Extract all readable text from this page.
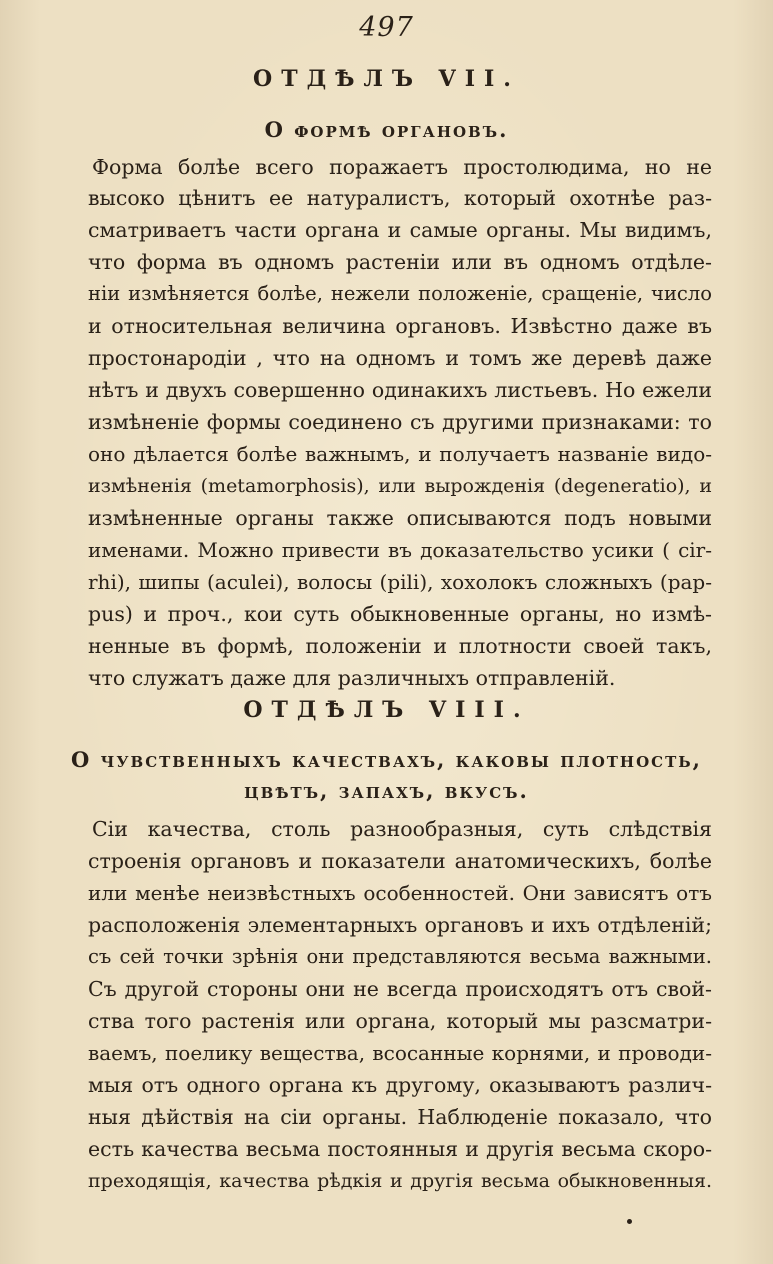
497
ОТДѢЛЪ VII.
О формѣ органовъ.
Форма болѣе всего поражаетъ простолюдима, но не
высоко цѣнитъ ее натуралистъ, который охотнѣе раз-
сматриваетъ части органа и самые органы. Мы видимъ,
что форма въ одномъ растенiи или въ одномъ отдѣле-
нiи измѣняется болѣе, нежели положенiе, сращенiе, число
и относительная величина органовъ. Извѣстно даже въ
простонародiи , что на одномъ и томъ же деревѣ даже
нѣтъ и двухъ совершенно одинакихъ листьевъ. Но ежели
измѣненiе формы соединено съ другими признаками: то
оно дѣлается болѣе важнымъ, и получаетъ названiе видо-
измѣненiя (metamorphosis), или вырожденiя (degeneratio), и
измѣненные органы также описываются подъ новыми
именами. Можно привести въ доказательство усики ( cir-
rhi), шипы (aculei), волосы (pili), хохолокъ сложныхъ (pap-
pus) и проч., кои суть обыкновенные органы, но измѣ-
ненные въ формѣ, положенiи и плотности своей такъ,
что служатъ даже для различныхъ отправленiй.
ОТДѢЛЪ VIII.
О чувственныхъ качествахъ, каковы плотность,
цвѣтъ, запахъ, вкусъ.
Сiи качества, столь разнообразныя, суть слѣдствiя
строенiя органовъ и показатели анатомическихъ, болѣе
или менѣе неизвѣстныхъ особенностей. Они зависятъ отъ
расположенiя элементарныхъ органовъ и ихъ отдѣленiй;
съ сей точки зрѣнiя они представляются весьма важными.
Съ другой стороны они не всегда происходятъ отъ свой-
ства того растенiя или органа, который мы разсматри-
ваемъ, поелику вещества, всосанные корнями, и проводи-
мыя отъ одного органа къ другому, оказываютъ различ-
ныя дѣйствiя на сiи органы. Наблюденiе показало, что
есть качества весьма постоянныя и другiя весьма скоро-
преходящiя, качества рѣдкiя и другiя весьма обыкновенныя.
